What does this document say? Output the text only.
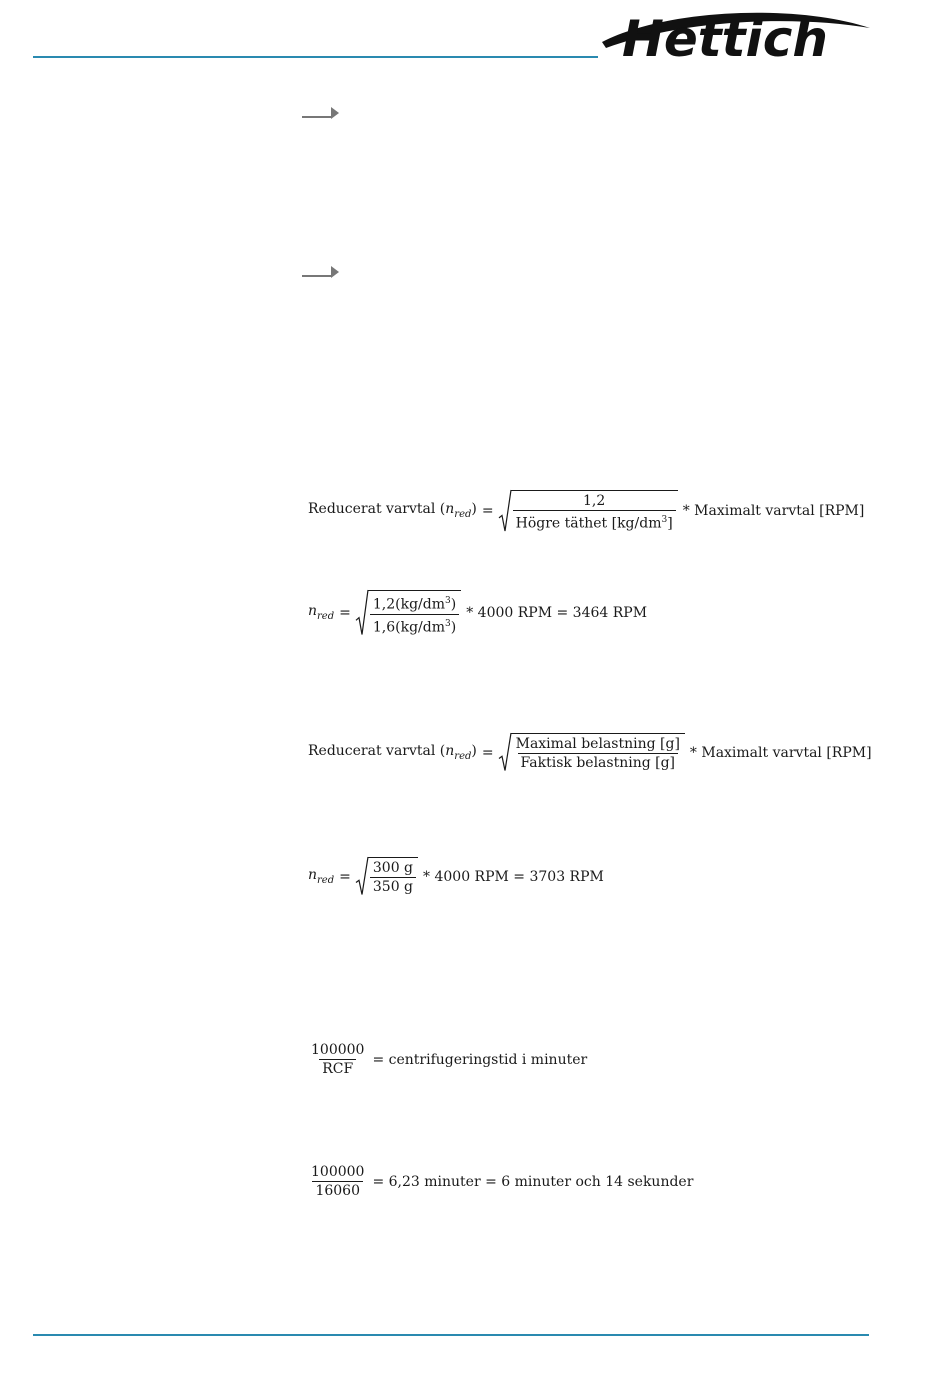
Hettich
Reducerat varvtal $(n_{red}) = \frac{1,2}{Högre täthet [kg/dm^3]}$ * Maximalt varvtal [RPM]
$n_{red} = \frac{1,2(kg/dm^3)}{1,6(kg/dm^3)} * 4000$ RPM = 3464 RPM
Reducerat varvtal $(n_{red}) = \frac{\text{Maximal belastning [g]}}{\text{Faktisk belastning [g]}}$ * Maximalt varvtal [RPM]
$n_{red} = \frac{300 g}{350 g} * 4000$ RPM = 3703 RPM
$\frac{100000}{\text{RCF}}$ = centrifugeringstid i minuter
$\frac{100000}{16060} = 6,23$ minuter = 6 minuter och 14 sekunder
